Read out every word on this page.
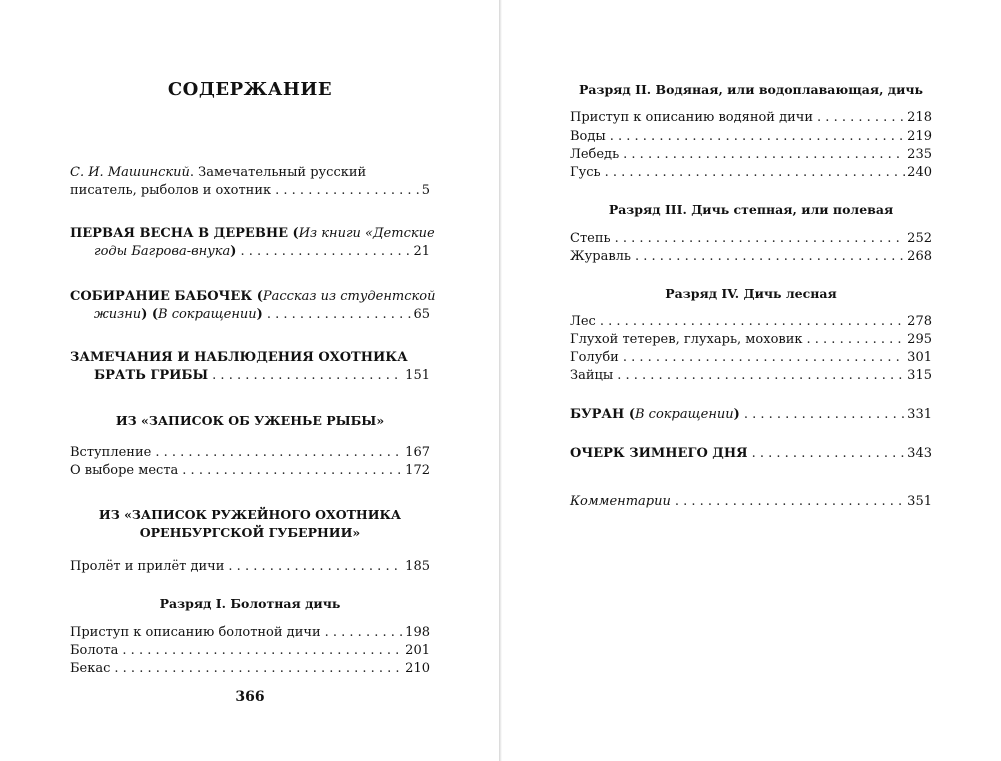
СОДЕРЖАНИЕ
С. И. Машинский. Замечательный русский
писатель, рыболов и охотник . . .	5
ПЕРВАЯ ВЕСНА В ДЕРЕВНЕ (Из книги «Детские
годы Багрова-внука) . . .	21
СОБИРАНИЕ БАБОЧЕК (Рассказ из студентской
жизни) (В сокращении) . . .	65
ЗАМЕЧАНИЯ И НАБЛЮДЕНИЯ ОХОТНИКА
БРАТЬ ГРИБЫ . . .	151
ИЗ «ЗАПИСОК ОБ УЖЕНЬЕ РЫБЫ»
Вступление . . .	167
О выборе места . . .	172
ИЗ «ЗАПИСОК РУЖЕЙНОГО ОХОТНИКА
ОРЕНБУРГСКОЙ ГУБЕРНИИ»
Пролёт и прилёт дичи . . .	185
Разряд I. Болотная дичь
Приступ к описанию болотной дичи . . .	198
Болота . . .	201
Бекас . . .	210
366
Разряд II. Водяная, или водоплавающая, дичь
Приступ к описанию водяной дичи . . .	218
Воды . . .	219
Лебедь . . .	235
Гусь . . .	240
Разряд III. Дичь степная, или полевая
Степь . . .	252
Журавль . . .	268
Разряд IV. Дичь лесная
Лес . . .	278
Глухой тетерев, глухарь, моховик . . .	295
Голуби . . .	301
Зайцы . . .	315
БУРАН (В сокращении) . . .	331
ОЧЕРК ЗИМНЕГО ДНЯ . . .	343
Комментарии . . .	351
